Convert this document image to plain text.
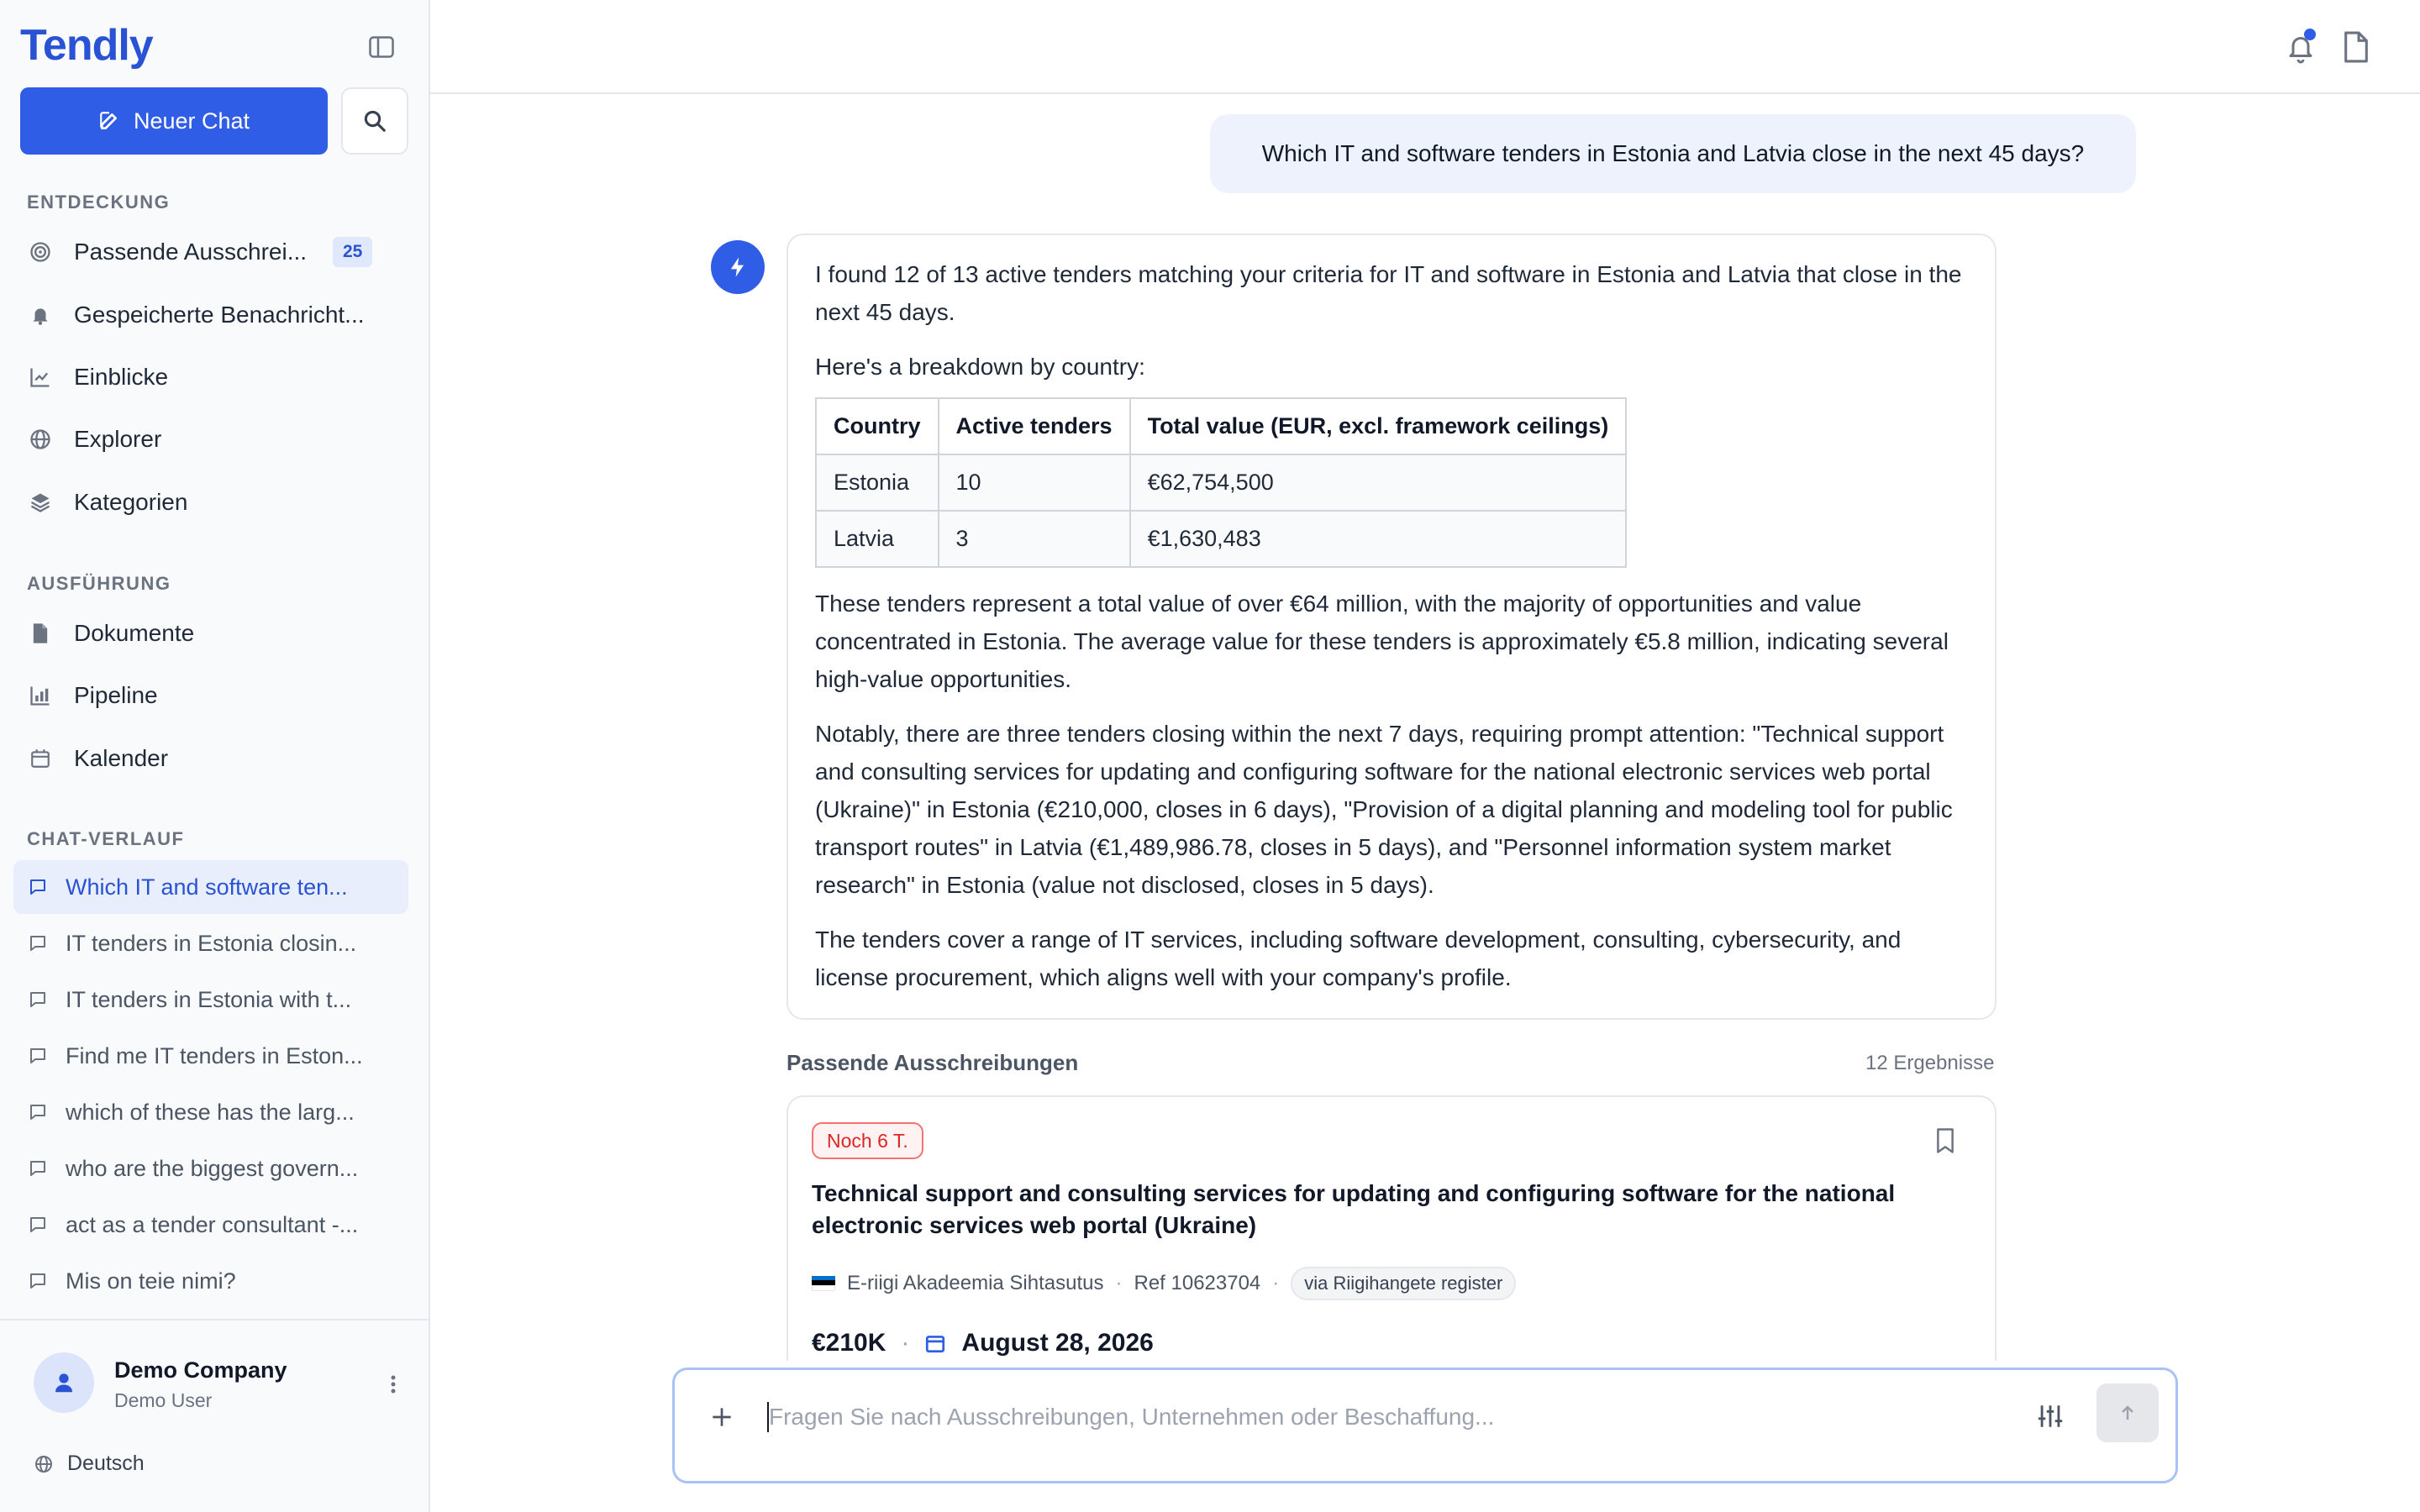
Tendly
Neuer Chat
ENTDECKUNG
Passende Ausschrei...	25
Gespeicherte Benachricht...
Einblicke
Explorer
Kategorien
AUSFÜHRUNG
Dokumente
Pipeline
Kalender
CHAT-VERLAUF
Which IT and software ten...
IT tenders in Estonia closin...
IT tenders in Estonia with t...
Find me IT tenders in Eston...
which of these has the larg...
who are the biggest govern...
act as a tender consultant -...
Mis on teie nimi?
Demo Company
Demo User
Deutsch
Which IT and software tenders in Estonia and Latvia close in the next 45 days?

I found 12 of 13 active tenders matching your criteria for IT and software in Estonia and Latvia that close in the next 45 days.

Here's a breakdown by country:

Country	Active tenders	Total value (EUR, excl. framework ceilings)
Estonia	10	€62,754,500
Latvia	3	€1,630,483

These tenders represent a total value of over €64 million, with the majority of opportunities and value concentrated in Estonia. The average value for these tenders is approximately €5.8 million, indicating several high-value opportunities.

Notably, there are three tenders closing within the next 7 days, requiring prompt attention: "Technical support and consulting services for updating and configuring software for the national electronic services web portal (Ukraine)" in Estonia (€210,000, closes in 6 days), "Provision of a digital planning and modeling tool for public transport routes" in Latvia (€1,489,986.78, closes in 5 days), and "Personnel information system market research" in Estonia (value not disclosed, closes in 5 days).

The tenders cover a range of IT services, including software development, consulting, cybersecurity, and license procurement, which aligns well with your company's profile.

Passende Ausschreibungen	12 Ergebnisse
Noch 6 T.
Technical support and consulting services for updating and configuring software for the national electronic services web portal (Ukraine)
E-riigi Akadeemia Sihtasutus · Ref 10623704 ·	via Riigihangete register
€210K · August 28, 2026
Fragen Sie nach Ausschreibungen, Unternehmen oder Beschaffung...
